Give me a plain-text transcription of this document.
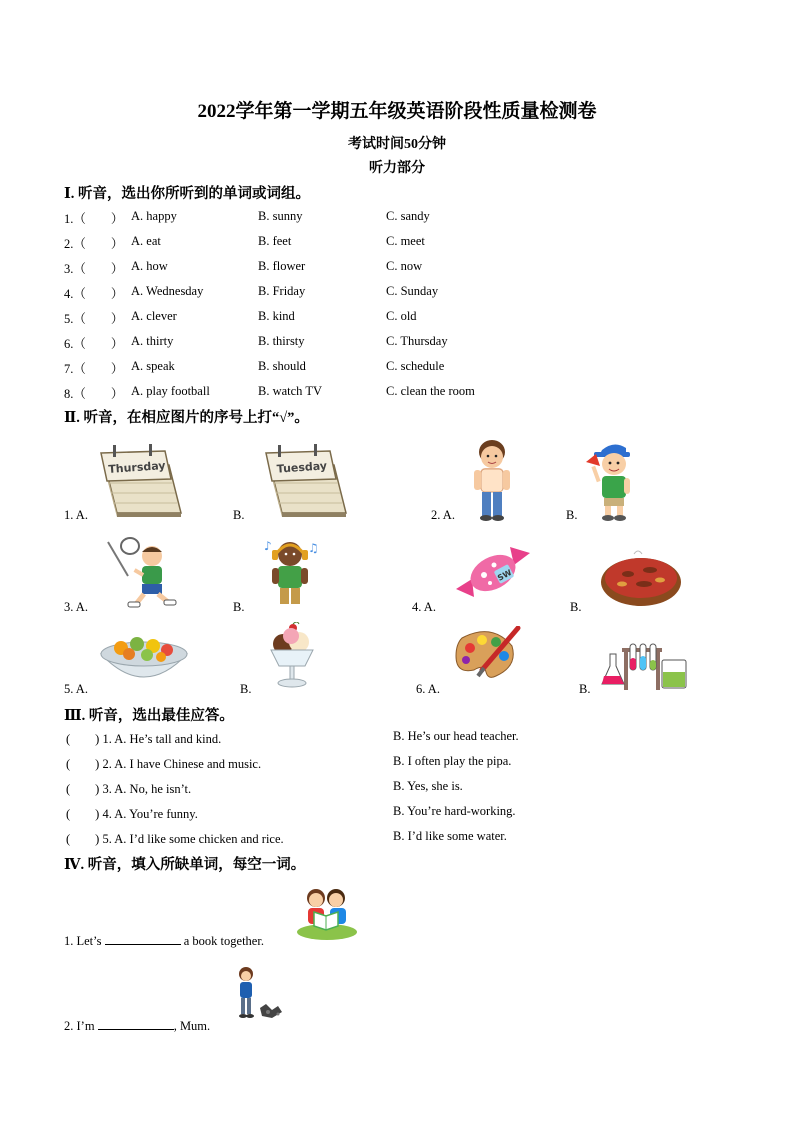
2022学年第一学期五年级英语阶段性质量检测卷
考试时间50分钟
听力部分
Ⅰ. 听音，选出你所听到的单词或词组。
1.（　　） A. happy	B. sunny	C. sandy
2.（　　） A. eat	B. feet	C. meet
3.（　　） A. how	B. flower	C. now
4.（　　） A. Wednesday	B. Friday	C. Sunday
5.（　　） A. clever	B. kind	C. old
6.（　　） A. thirty	B. thirsty	C. Thursday
7.（　　） A. speak	B. should	C. schedule
8.（　　） A. play football	B. watch TV	C. clean the room
Ⅱ. 听音，在相应图片的序号上打“√”。
1. A.	B.	2. A.	B.
3. A.	B.	4. A.	B.
5. A.	B.	6. A.	B.
Thursday	Tuesday
♪	♫
SW
Ⅲ. 听音，选出最佳应答。
(　　) 1. A. He’s tall and kind.	B. He’s our head teacher.
(　　) 2. A. I have Chinese and music.	B. I often play the pipa.
(　　) 3. A. No, he isn’t.	B. Yes, she is.
(　　) 4. A. You’re funny.	B. You’re hard-working.
(　　) 5. A. I’d like some chicken and rice.	B. I’d like some water.
Ⅳ. 听音，填入所缺单词，每空一词。
1. Let’s	a book together.
2. I’m	, Mum.
